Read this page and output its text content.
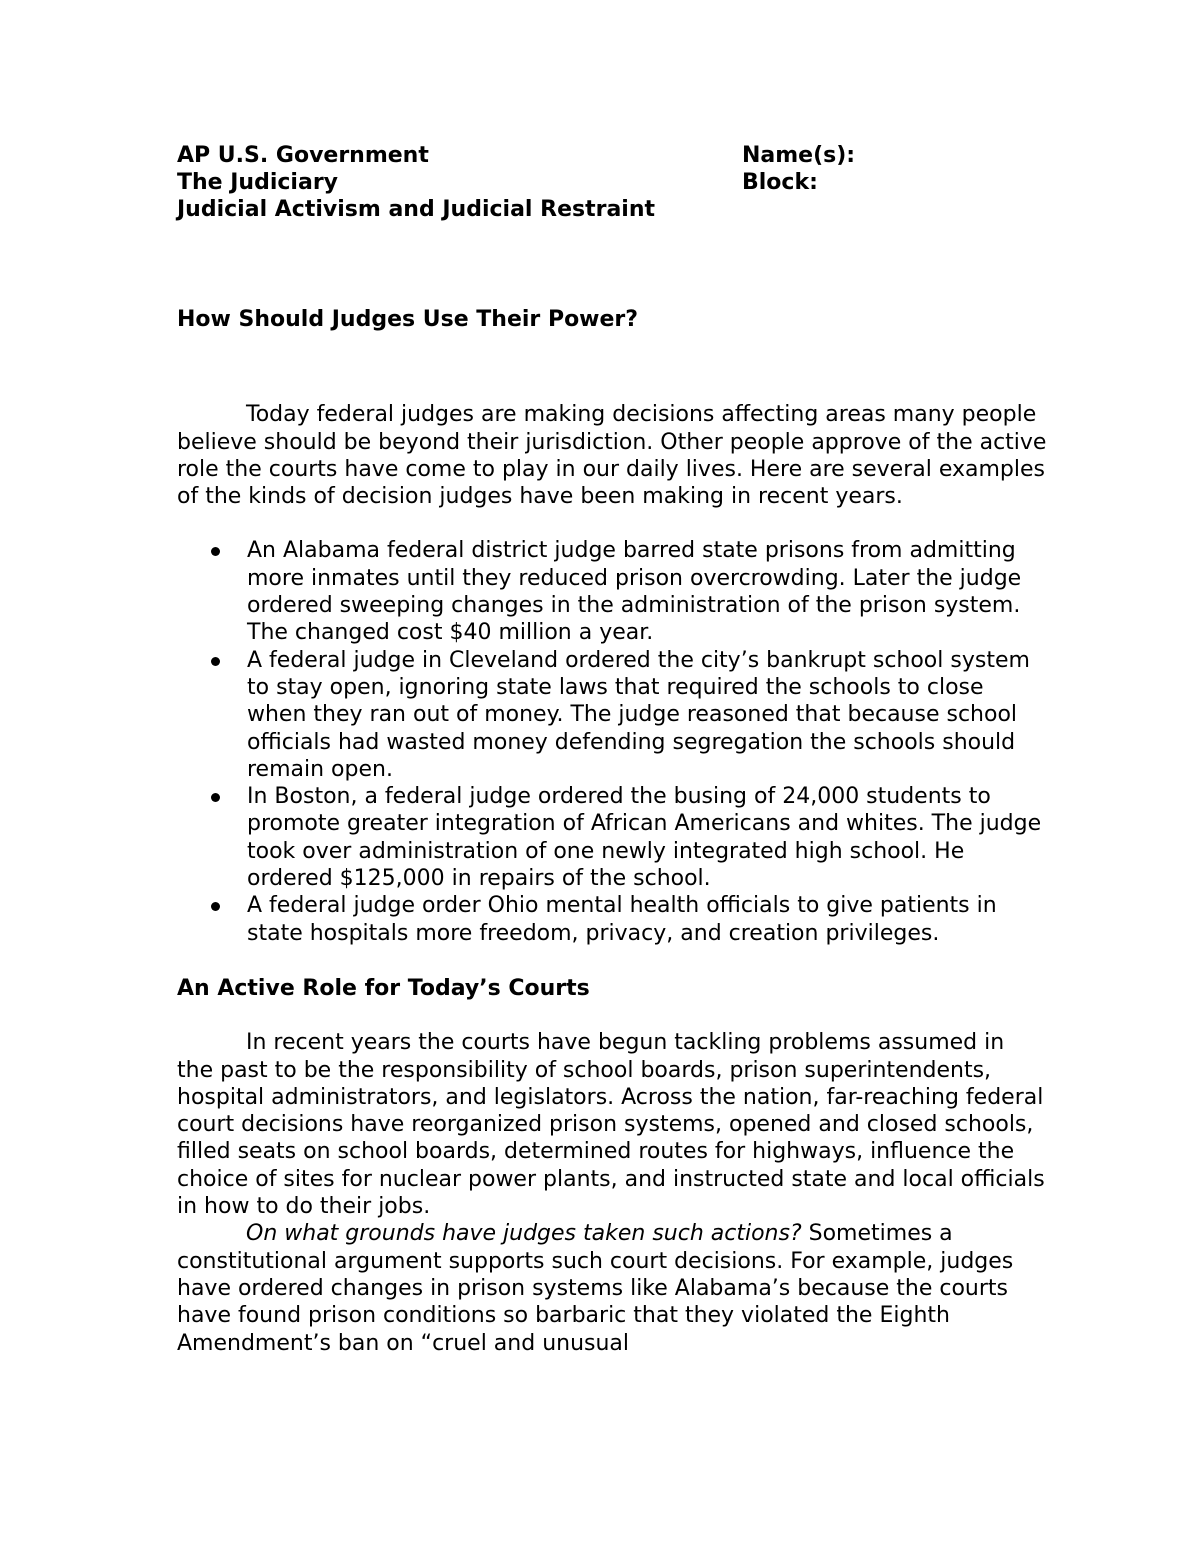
AP U.S. Government
The Judiciary
Judicial Activism and Judicial Restraint
Name(s):
Block:

How Should Judges Use Their Power?

Today federal judges are making decisions affecting areas many people believe should be beyond their jurisdiction. Other people approve of the active role the courts have come to play in our daily lives. Here are several examples of the kinds of decision judges have been making in recent years.

An Alabama federal district judge barred state prisons from admitting more inmates until they reduced prison overcrowding. Later the judge ordered sweeping changes in the administration of the prison system. The changed cost $40 million a year.
A federal judge in Cleveland ordered the city’s bankrupt school system to stay open, ignoring state laws that required the schools to close when they ran out of money. The judge reasoned that because school officials had wasted money defending segregation the schools should remain open.
In Boston, a federal judge ordered the busing of 24,000 students to promote greater integration of African Americans and whites. The judge took over administration of one newly integrated high school. He ordered $125,000 in repairs of the school.
A federal judge order Ohio mental health officials to give patients in state hospitals more freedom, privacy, and creation privileges.

An Active Role for Today’s Courts

In recent years the courts have begun tackling problems assumed in the past to be the responsibility of school boards, prison superintendents, hospital administrators, and legislators. Across the nation, far-reaching federal court decisions have reorganized prison systems, opened and closed schools, filled seats on school boards, determined routes for highways, influence the choice of sites for nuclear power plants, and instructed state and local officials in how to do their jobs.

On what grounds have judges taken such actions? Sometimes a constitutional argument supports such court decisions. For example, judges have ordered changes in prison systems like Alabama’s because the courts have found prison conditions so barbaric that they violated the Eighth Amendment’s ban on “cruel and unusual
